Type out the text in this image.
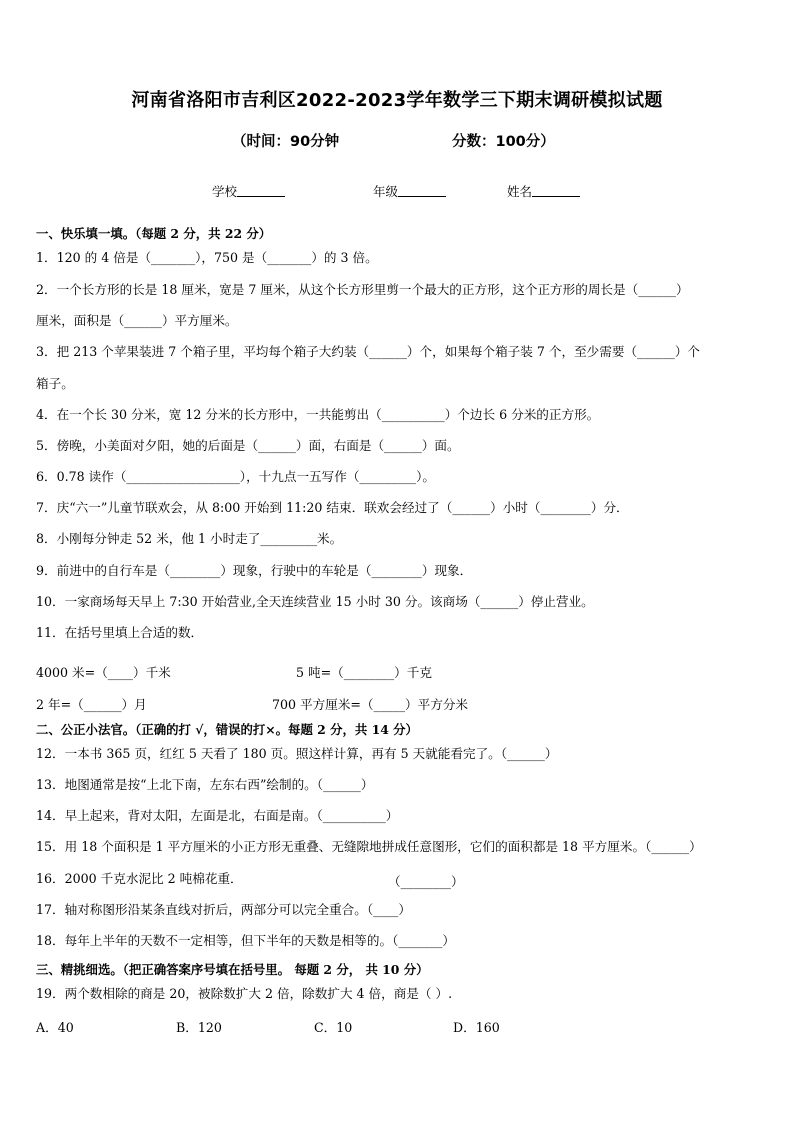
河南省洛阳市吉利区2022-2023学年数学三下期末调研模拟试题
（时间：90分钟	分数：100分）
学校	年级	姓名
一、快乐填一填。（每题 2 分，共 22 分）
1．120 的 4 倍是（_______），750 是（_______）的 3 倍。
2．一个长方形的长是 18 厘米，宽是 7 厘米，从这个长方形里剪一个最大的正方形，这个正方形的周长是（______）
厘米，面积是（______）平方厘米。
3．把 213 个苹果装进 7 个箱子里，平均每个箱子大约装（______）个，如果每个箱子装 7 个，至少需要（______）个
箱子。
4．在一个长 30 分米，宽 12 分米的长方形中，一共能剪出（__________）个边长 6 分米的正方形。
5．傍晚，小美面对夕阳，她的后面是（______）面，右面是（______）面。
6．0.78 读作（__________________），十九点一五写作（_________）。
7．庆“六一”儿童节联欢会，从 8:00 开始到 11:20 结束．联欢会经过了（______）小时（________）分．
8．小刚每分钟走 52 米，他 1 小时走了_________米。
9．前进中的自行车是（________）现象，行驶中的车轮是（________）现象．
10．一家商场每天早上 7:30 开始营业,全天连续营业 15 小时 30 分。该商场（______）停止营业。
11．在括号里填上合适的数．
4000 米=（____）千米	5 吨=（________）千克
2 年=（______）月	700 平方厘米=（_____）平方分米
二、公正小法官。（正确的打 √，错误的打×。每题 2 分，共 14 分）
12．一本书 365 页，红红 5 天看了 180 页。照这样计算，再有 5 天就能看完了。（______）
13．地图通常是按“上北下南，左东右西”绘制的。（______）
14．早上起来，背对太阳，左面是北，右面是南。（__________）
15．用 18 个面积是 1 平方厘米的小正方形无重叠、无缝隙地拼成任意图形，它们的面积都是 18 平方厘米。（______）
16．2000 千克水泥比 2 吨棉花重．	（________）
17．轴对称图形沿某条直线对折后，两部分可以完全重合。（____）
18．每年上半年的天数不一定相等，但下半年的天数是相等的。（_______）
三、精挑细选。（把正确答案序号填在括号里。 每题 2 分， 共 10 分）
19．两个数相除的商是 20，被除数扩大 2 倍，除数扩大 4 倍，商是（ ）.
A．40	B．120	C．10	D．160
